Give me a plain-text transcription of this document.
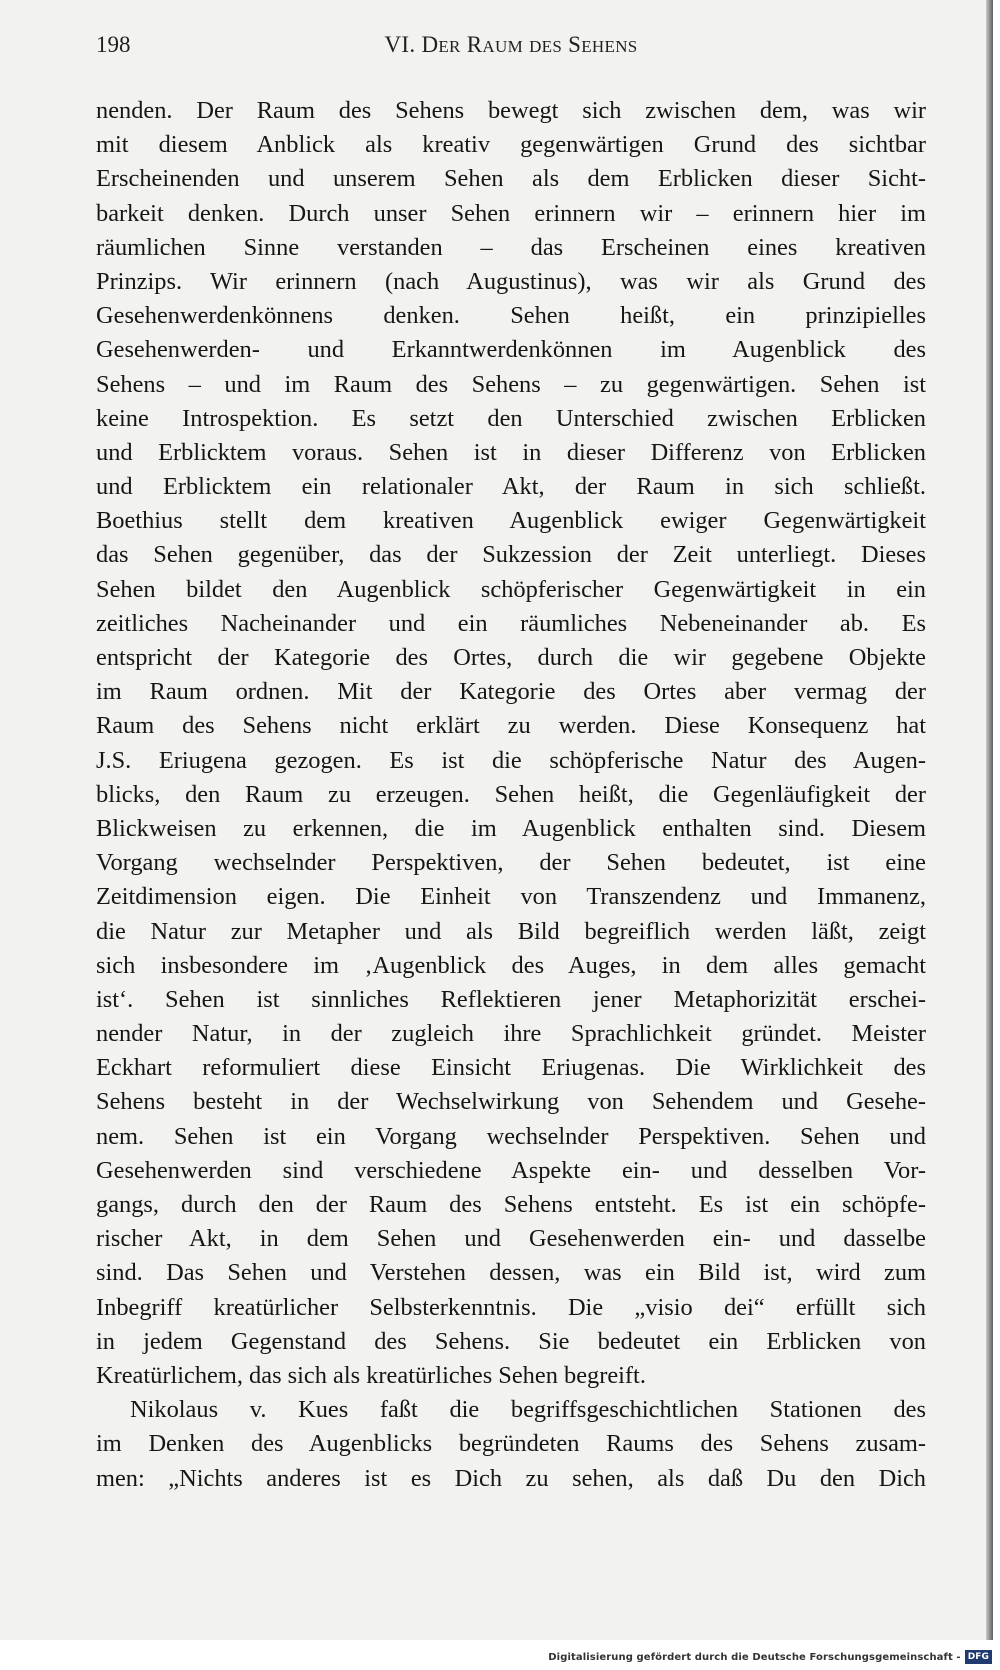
198	VI. DER RAUM DES SEHENS
nenden. Der Raum des Sehens bewegt sich zwischen dem, was wir
mit diesem Anblick als kreativ gegenwärtigen Grund des sichtbar
Erscheinenden und unserem Sehen als dem Erblicken dieser Sicht-
barkeit denken. Durch unser Sehen erinnern wir – erinnern hier im
räumlichen Sinne verstanden – das Erscheinen eines kreativen
Prinzips. Wir erinnern (nach Augustinus), was wir als Grund des
Gesehenwerdenkönnens denken. Sehen heißt, ein prinzipielles
Gesehenwerden- und Erkanntwerdenkönnen im Augenblick des
Sehens – und im Raum des Sehens – zu gegenwärtigen. Sehen ist
keine Introspektion. Es setzt den Unterschied zwischen Erblicken
und Erblicktem voraus. Sehen ist in dieser Differenz von Erblicken
und Erblicktem ein relationaler Akt, der Raum in sich schließt.
Boethius stellt dem kreativen Augenblick ewiger Gegenwärtigkeit
das Sehen gegenüber, das der Sukzession der Zeit unterliegt. Dieses
Sehen bildet den Augenblick schöpferischer Gegenwärtigkeit in ein
zeitliches Nacheinander und ein räumliches Nebeneinander ab. Es
entspricht der Kategorie des Ortes, durch die wir gegebene Objekte
im Raum ordnen. Mit der Kategorie des Ortes aber vermag der
Raum des Sehens nicht erklärt zu werden. Diese Konsequenz hat
J.S. Eriugena gezogen. Es ist die schöpferische Natur des Augen-
blicks, den Raum zu erzeugen. Sehen heißt, die Gegenläufigkeit der
Blickweisen zu erkennen, die im Augenblick enthalten sind. Diesem
Vorgang wechselnder Perspektiven, der Sehen bedeutet, ist eine
Zeitdimension eigen. Die Einheit von Transzendenz und Immanenz,
die Natur zur Metapher und als Bild begreiflich werden läßt, zeigt
sich insbesondere im ‚Augenblick des Auges, in dem alles gemacht
ist‘. Sehen ist sinnliches Reflektieren jener Metaphorizität erschei-
nender Natur, in der zugleich ihre Sprachlichkeit gründet. Meister
Eckhart reformuliert diese Einsicht Eriugenas. Die Wirklichkeit des
Sehens besteht in der Wechselwirkung von Sehendem und Gesehe-
nem. Sehen ist ein Vorgang wechselnder Perspektiven. Sehen und
Gesehenwerden sind verschiedene Aspekte ein- und desselben Vor-
gangs, durch den der Raum des Sehens entsteht. Es ist ein schöpfe-
rischer Akt, in dem Sehen und Gesehenwerden ein- und dasselbe
sind. Das Sehen und Verstehen dessen, was ein Bild ist, wird zum
Inbegriff kreatürlicher Selbsterkenntnis. Die „visio dei“ erfüllt sich
in jedem Gegenstand des Sehens. Sie bedeutet ein Erblicken von
Kreatürlichem, das sich als kreatürliches Sehen begreift.
Nikolaus v. Kues faßt die begriffsgeschichtlichen Stationen des
im Denken des Augenblicks begründeten Raums des Sehens zusam-
men: „Nichts anderes ist es Dich zu sehen, als daß Du den Dich
Digitalisierung gefördert durch die Deutsche Forschungsgemeinschaft - DFG
